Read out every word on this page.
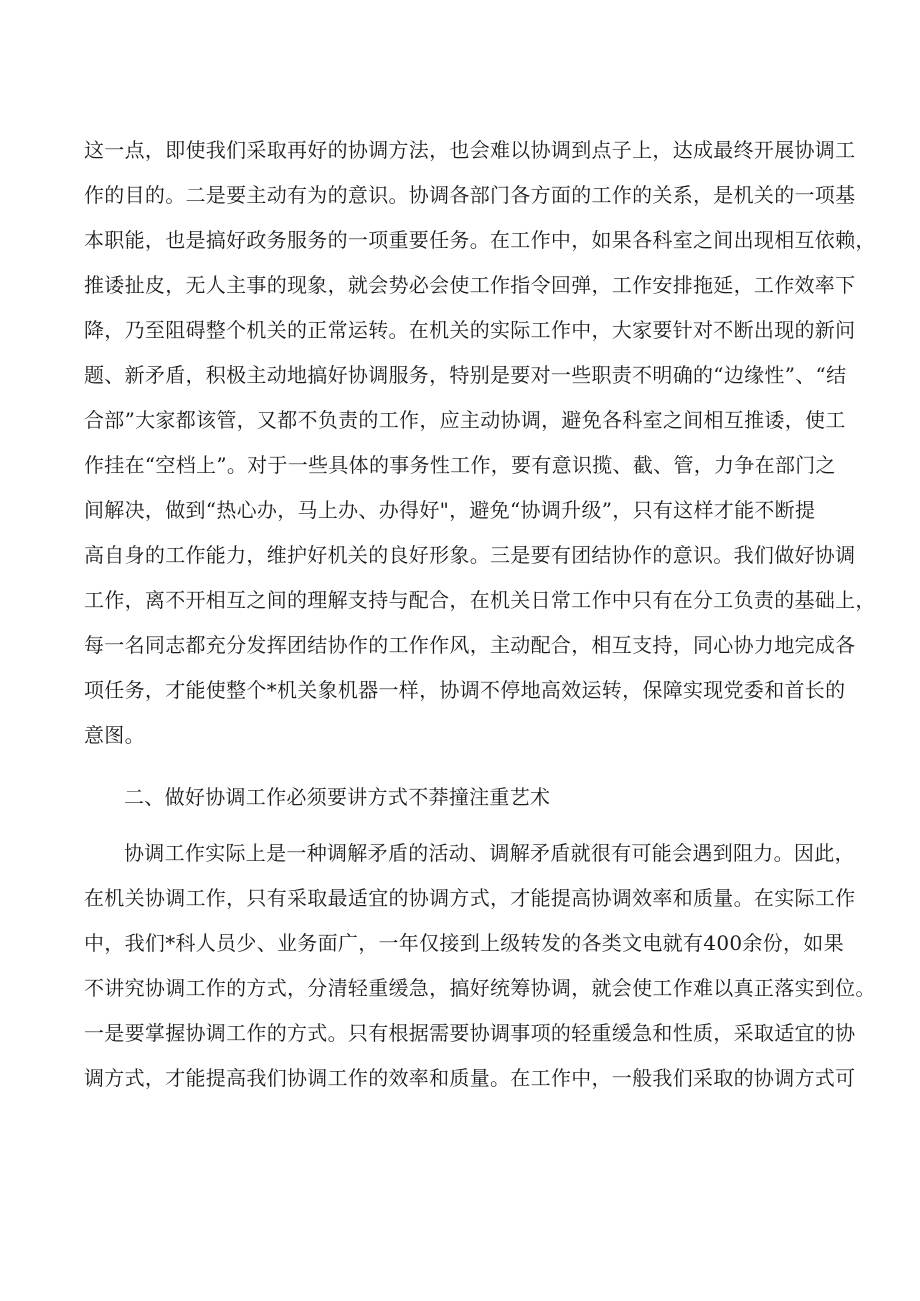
这一点，即使我们采取再好的协调方法，也会难以协调到点子上，达成最终开展协调工
作的目的。二是要主动有为的意识。协调各部门各方面的工作的关系，是机关的一项基
本职能，也是搞好政务服务的一项重要任务。在工作中，如果各科室之间出现相互依赖，
推诿扯皮，无人主事的现象，就会势必会使工作指令回弹，工作安排拖延，工作效率下
降，乃至阻碍整个机关的正常运转。在机关的实际工作中，大家要针对不断出现的新问
题、新矛盾，积极主动地搞好协调服务，特别是要对一些职责不明确的“边缘性”、“结
合部”大家都该管，又都不负责的工作，应主动协调，避免各科室之间相互推诿，使工
作挂在“空档上”。对于一些具体的事务性工作，要有意识揽、截、管，力争在部门之
间解决，做到“热心办，马上办、办得好"，避免“协调升级”，只有这样才能不断提
高自身的工作能力，维护好机关的良好形象。三是要有团结协作的意识。我们做好协调
工作，离不开相互之间的理解支持与配合，在机关日常工作中只有在分工负责的基础上，
每一名同志都充分发挥团结协作的工作作风，主动配合，相互支持，同心协力地完成各
项任务，才能使整个*机关象机器一样，协调不停地高效运转，保障实现党委和首长的
意图。
二、做好协调工作必须要讲方式不莽撞注重艺术
协调工作实际上是一种调解矛盾的活动、调解矛盾就很有可能会遇到阻力。因此，
在机关协调工作，只有采取最适宜的协调方式，才能提高协调效率和质量。在实际工作
中，我们*科人员少、业务面广，一年仅接到上级转发的各类文电就有400余份，如果
不讲究协调工作的方式，分清轻重缓急，搞好统筹协调，就会使工作难以真正落实到位。
一是要掌握协调工作的方式。只有根据需要协调事项的轻重缓急和性质，采取适宜的协
调方式，才能提高我们协调工作的效率和质量。在工作中，一般我们采取的协调方式可
